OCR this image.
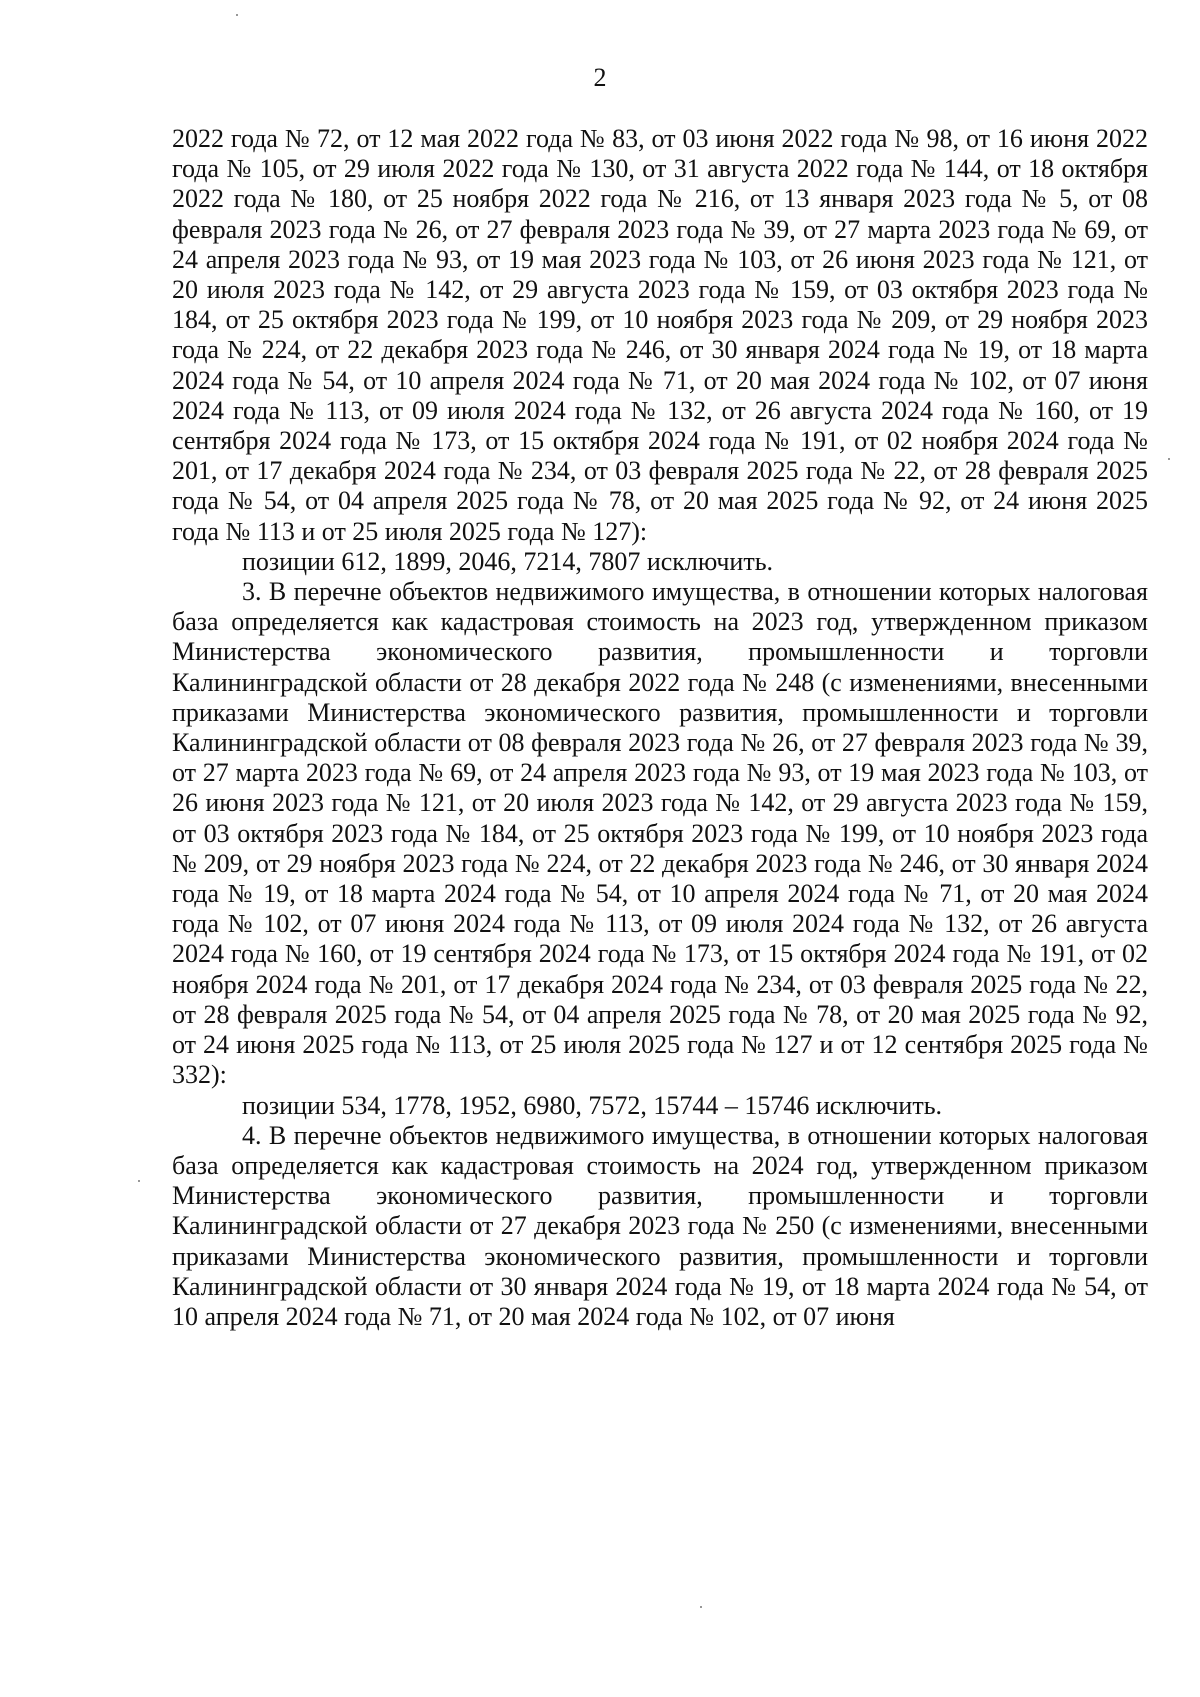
2

2022 года № 72, от 12 мая 2022 года № 83, от 03 июня 2022 года № 98, от 16 июня 2022 года № 105, от 29 июля 2022 года № 130, от 31 августа 2022 года № 144, от 18 октября 2022 года № 180, от 25 ноября 2022 года № 216, от 13 января 2023 года № 5, от 08 февраля 2023 года № 26, от 27 февраля 2023 года № 39, от 27 марта 2023 года № 69, от 24 апреля 2023 года № 93, от 19 мая 2023 года № 103, от 26 июня 2023 года № 121, от 20 июля 2023 года № 142, от 29 августа 2023 года № 159, от 03 октября 2023 года № 184, от 25 октября 2023 года № 199, от 10 ноября 2023 года № 209, от 29 ноября 2023 года № 224, от 22 декабря 2023 года № 246, от 30 января 2024 года № 19, от 18 марта 2024 года № 54, от 10 апреля 2024 года № 71, от 20 мая 2024 года № 102, от 07 июня 2024 года № 113, от 09 июля 2024 года № 132, от 26 августа 2024 года № 160, от 19 сентября 2024 года № 173, от 15 октября 2024 года № 191, от 02 ноября 2024 года № 201, от 17 декабря 2024 года № 234, от 03 февраля 2025 года № 22, от 28 февраля 2025 года № 54, от 04 апреля 2025 года № 78, от 20 мая 2025 года № 92, от 24 июня 2025 года № 113 и от 25 июля 2025 года № 127):

позиции 612, 1899, 2046, 7214, 7807 исключить.

3. В перечне объектов недвижимого имущества, в отношении которых налоговая база определяется как кадастровая стоимость на 2023 год, утвержденном приказом Министерства экономического развития, промышленности и торговли Калининградской области от 28 декабря 2022 года № 248 (с изменениями, внесенными приказами Министерства экономического развития, промышленности и торговли Калининградской области от 08 февраля 2023 года № 26, от 27 февраля 2023 года № 39, от 27 марта 2023 года № 69, от 24 апреля 2023 года № 93, от 19 мая 2023 года № 103, от 26 июня 2023 года № 121, от 20 июля 2023 года № 142, от 29 августа 2023 года № 159, от 03 октября 2023 года № 184, от 25 октября 2023 года № 199, от 10 ноября 2023 года № 209, от 29 ноября 2023 года № 224, от 22 декабря 2023 года № 246, от 30 января 2024 года № 19, от 18 марта 2024 года № 54, от 10 апреля 2024 года № 71, от 20 мая 2024 года № 102, от 07 июня 2024 года № 113, от 09 июля 2024 года № 132, от 26 августа 2024 года № 160, от 19 сентября 2024 года № 173, от 15 октября 2024 года № 191, от 02 ноября 2024 года № 201, от 17 декабря 2024 года № 234, от 03 февраля 2025 года № 22, от 28 февраля 2025 года № 54, от 04 апреля 2025 года № 78, от 20 мая 2025 года № 92, от 24 июня 2025 года № 113, от 25 июля 2025 года № 127 и от 12 сентября 2025 года № 332):

позиции 534, 1778, 1952, 6980, 7572, 15744 – 15746 исключить.

4. В перечне объектов недвижимого имущества, в отношении которых налоговая база определяется как кадастровая стоимость на 2024 год, утвержденном приказом Министерства экономического развития, промышленности и торговли Калининградской области от 27 декабря 2023 года № 250 (с изменениями, внесенными приказами Министерства экономического развития, промышленности и торговли Калининградской области от 30 января 2024 года № 19, от 18 марта 2024 года № 54, от 10 апреля 2024 года № 71, от 20 мая 2024 года № 102, от 07 июня
